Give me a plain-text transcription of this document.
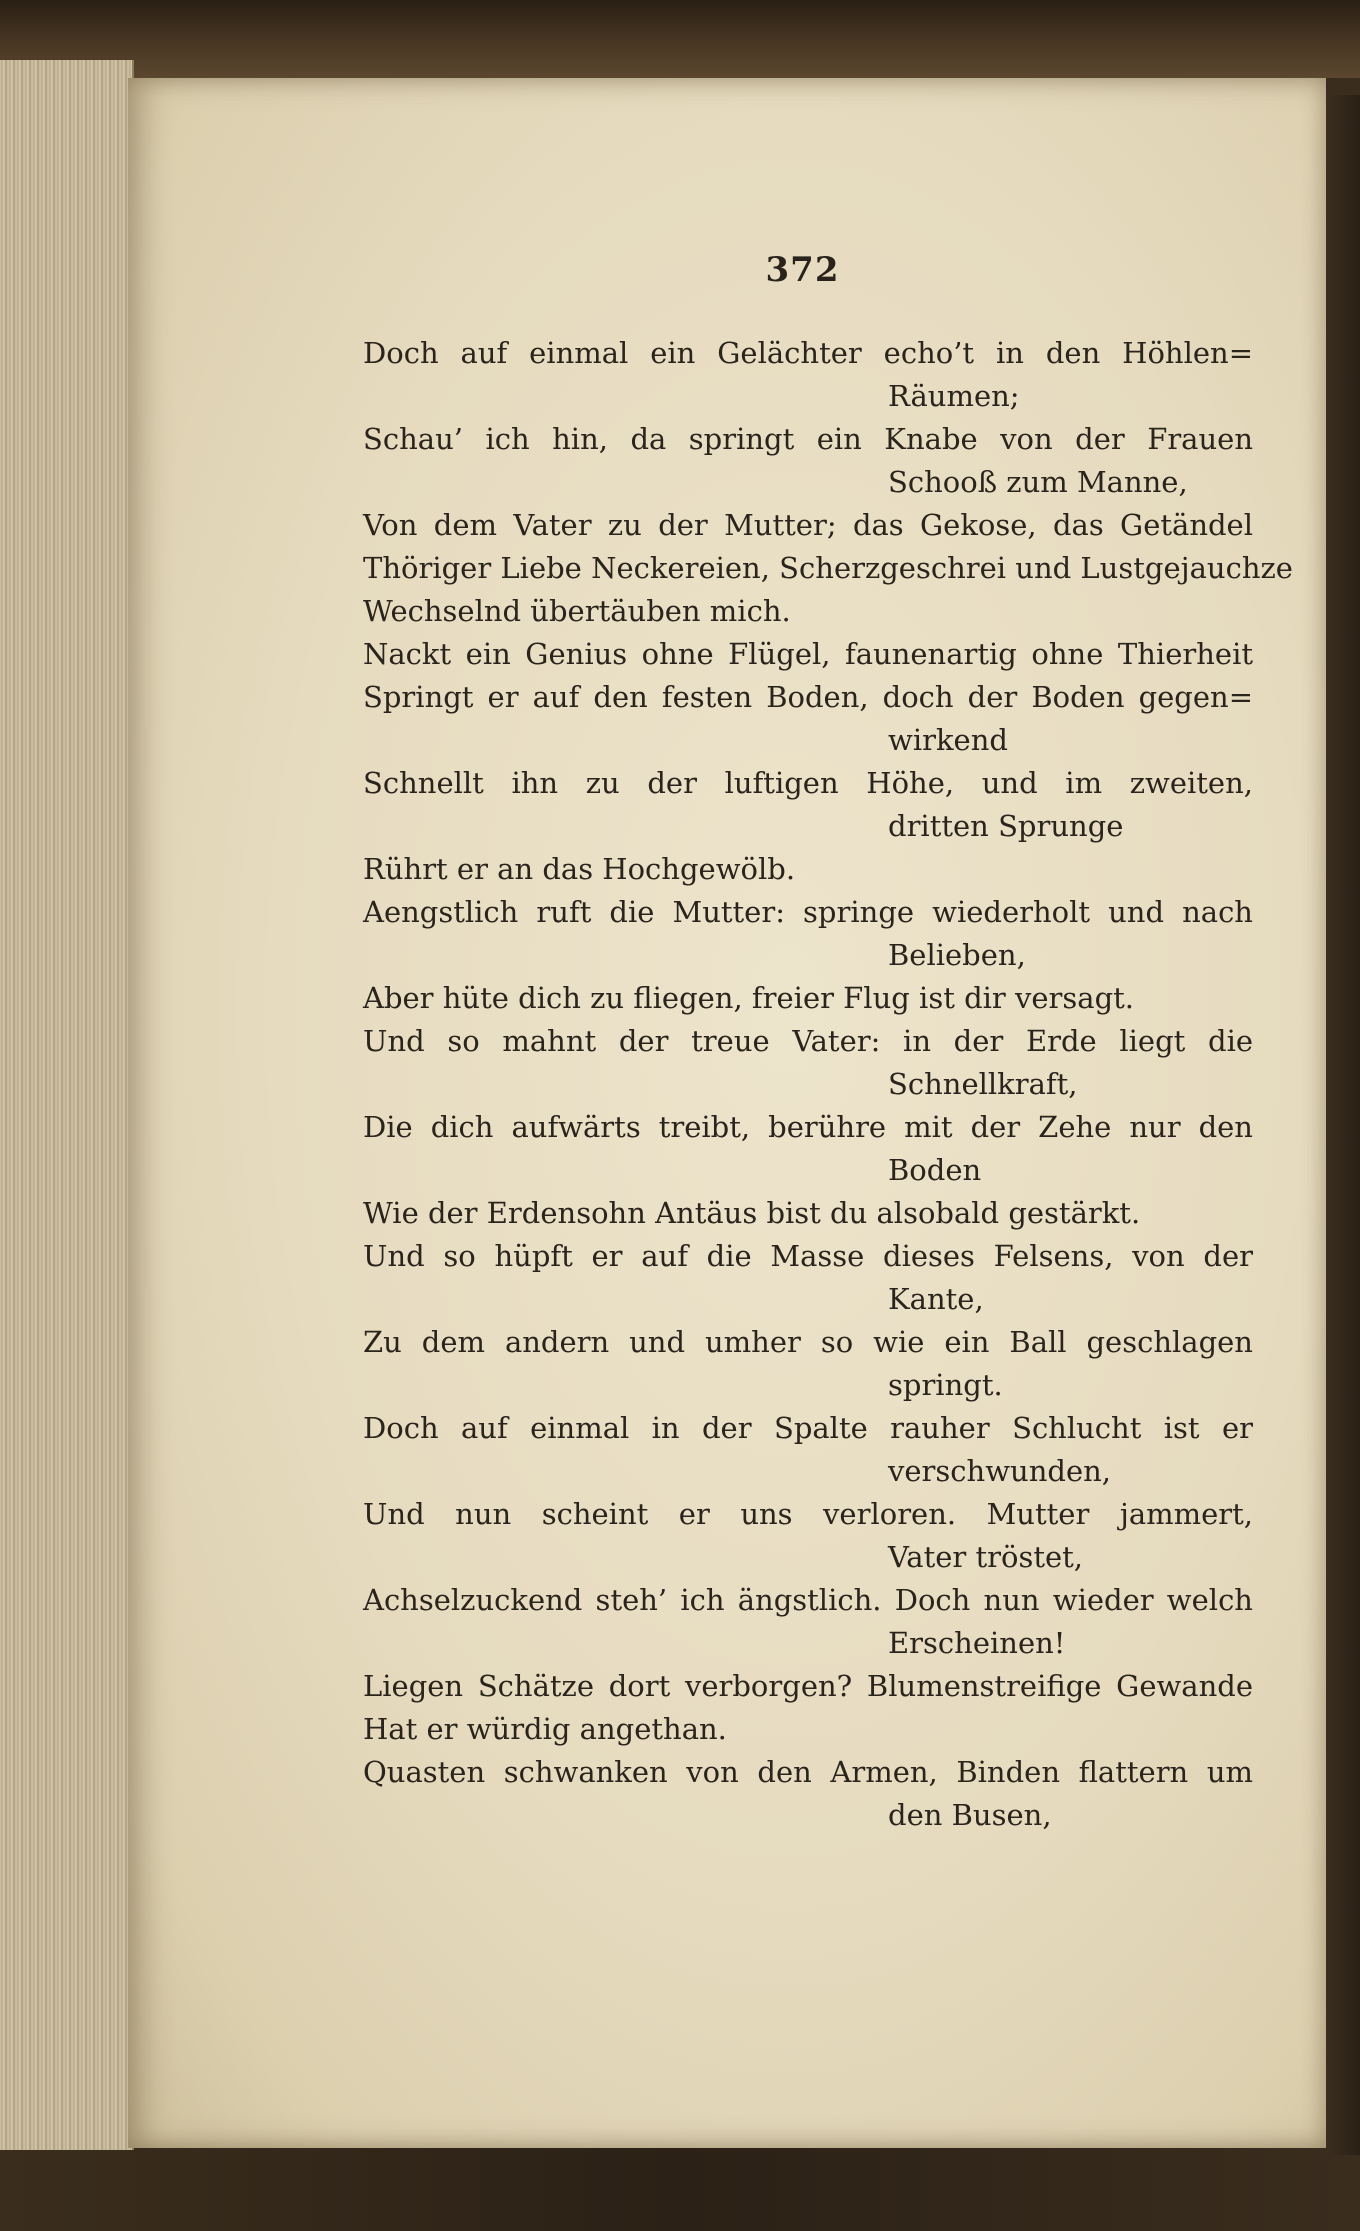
372
Doch auf einmal ein Gelächter echo’t in den Höhlen=
Räumen;
Schau’ ich hin, da springt ein Knabe von der Frauen
Schooß zum Manne,
Von dem Vater zu der Mutter; das Gekose, das Getändel
Thöriger Liebe Neckereien, Scherzgeschrei und Lustgejauchze
Wechselnd übertäuben mich.
Nackt ein Genius ohne Flügel, faunenartig ohne Thierheit
Springt er auf den festen Boden, doch der Boden gegen=
wirkend
Schnellt ihn zu der luftigen Höhe, und im zweiten,
dritten Sprunge
Rührt er an das Hochgewölb.
Aengstlich ruft die Mutter: springe wiederholt und nach
Belieben,
Aber hüte dich zu fliegen, freier Flug ist dir versagt.
Und so mahnt der treue Vater: in der Erde liegt die
Schnellkraft,
Die dich aufwärts treibt, berühre mit der Zehe nur den
Boden
Wie der Erdensohn Antäus bist du alsobald gestärkt.
Und so hüpft er auf die Masse dieses Felsens, von der
Kante,
Zu dem andern und umher so wie ein Ball geschlagen
springt.
Doch auf einmal in der Spalte rauher Schlucht ist er
verschwunden,
Und nun scheint er uns verloren. Mutter jammert,
Vater tröstet,
Achselzuckend steh’ ich ängstlich. Doch nun wieder welch
Erscheinen!
Liegen Schätze dort verborgen? Blumenstreifige Gewande
Hat er würdig angethan.
Quasten schwanken von den Armen, Binden flattern um
den Busen,
